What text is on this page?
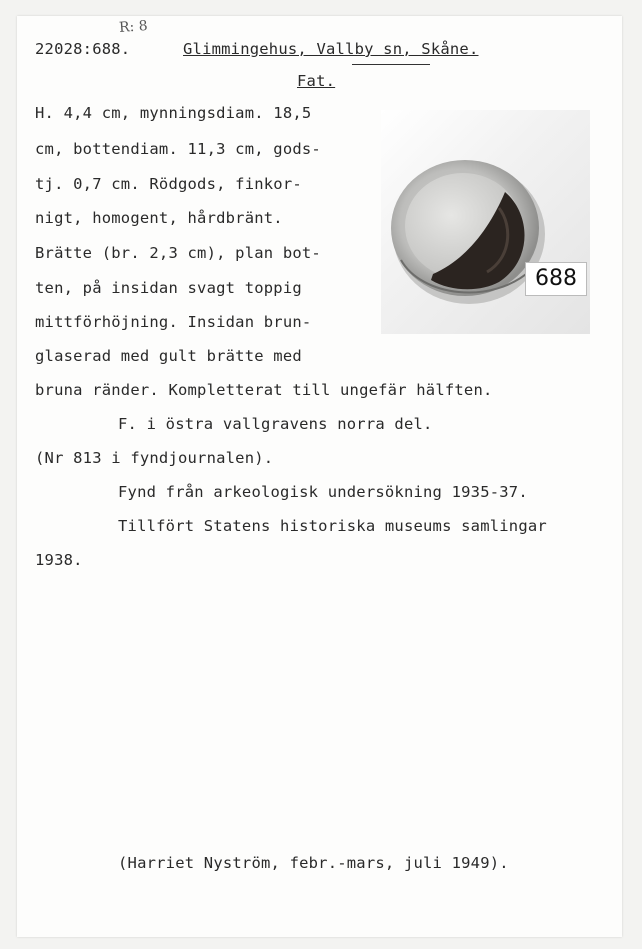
22028:688.
R: 8
Glimmingehus, Vallby sn, Skåne.
Fat.
H. 4,4 cm, mynningsdiam. 18,5
cm, bottendiam. 11,3 cm, gods-
tj. 0,7 cm. Rödgods, finkor-
nigt, homogent, hårdbränt.
Brätte (br. 2,3 cm), plan bot-
ten, på insidan svagt toppig
mittförhöjning. Insidan brun-
glaserad med gult brätte med
bruna ränder. Kompletterat till ungefär hälften.
688
F. i östra vallgravens norra del.
(Nr 813 i fyndjournalen).
Fynd från arkeologisk undersökning 1935-37.
Tillfört Statens historiska museums samlingar
1938.
(Harriet Nyström, febr.-mars, juli 1949).
